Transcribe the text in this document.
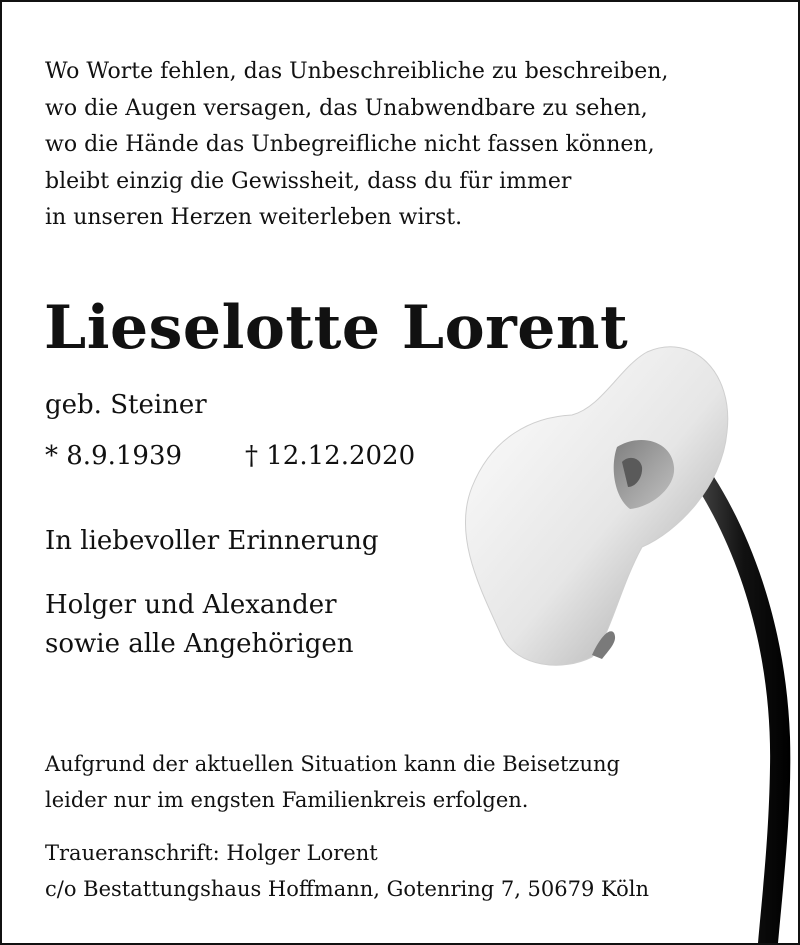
Wo Worte fehlen, das Unbeschreibliche zu beschreiben,
wo die Augen versagen, das Unabwendbare zu sehen,
wo die Hände das Unbegreifliche nicht fassen können,
bleibt einzig die Gewissheit, dass du für immer
in unseren Herzen weiterleben wirst.
Lieselotte Lorent
geb. Steiner
* 8.9.1939 † 12.12.2020
In liebevoller Erinnerung
Holger und Alexander
sowie alle Angehörigen
Aufgrund der aktuellen Situation kann die Beisetzung
leider nur im engsten Familienkreis erfolgen.
Traueranschrift: Holger Lorent
c/o Bestattungshaus Hoffmann, Gotenring 7, 50679 Köln
